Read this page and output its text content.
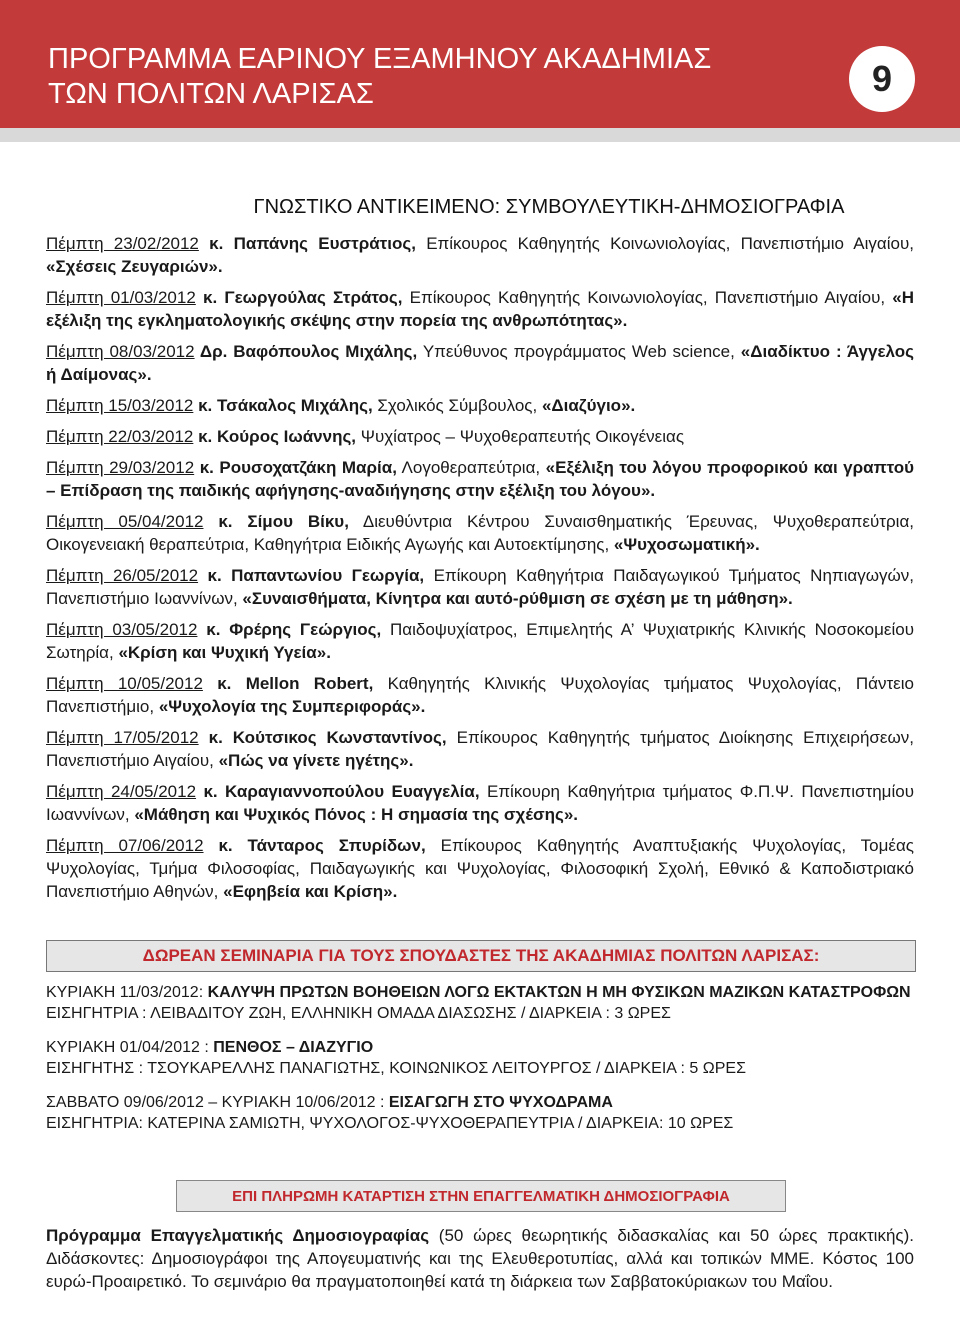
ΠΡΟΓΡΑΜΜΑ ΕΑΡΙΝΟΥ ΕΞΑΜΗΝΟΥ ΑΚΑΔΗΜΙΑΣ
ΤΩΝ ΠΟΛΙΤΩΝ ΛΑΡΙΣΑΣ	9
ΓΝΩΣΤΙΚΟ ΑΝΤΙΚΕΙΜΕΝΟ: ΣΥΜΒΟΥΛΕΥΤΙΚΗ-ΔΗΜΟΣΙΟΓΡΑΦΙΑ

Πέμπτη 23/02/2012 κ. Παπάνης Ευστράτιος, Επίκουρος Καθηγητής Κοινωνιολογίας, Πανεπιστήμιο Αιγαίου, «Σχέσεις Ζευγαριών».

Πέμπτη 01/03/2012 κ. Γεωργούλας Στράτος, Επίκουρος Καθηγητής Κοινωνιολογίας, Πανεπιστήμιο Αιγαίου, «Η εξέλιξη της εγκληματολογικής σκέψης στην πορεία της ανθρωπότητας».

Πέμπτη 08/03/2012 Δρ. Βαφόπουλος Μιχάλης, Υπεύθυνος προγράμματος Web science, «Διαδίκτυο : Άγγελος ή Δαίμονας».

Πέμπτη 15/03/2012 κ. Τσάκαλος Μιχάλης, Σχολικός Σύμβουλος, «Διαζύγιο».

Πέμπτη 22/03/2012 κ. Κούρος Ιωάννης, Ψυχίατρος – Ψυχοθεραπευτής Οικογένειας

Πέμπτη 29/03/2012 κ. Ρουσοχατζάκη Μαρία, Λογοθεραπεύτρια, «Εξέλιξη του λόγου προφορικού και γραπτού – Επίδραση της παιδικής αφήγησης-αναδιήγησης στην εξέλιξη του λόγου».

Πέμπτη 05/04/2012 κ. Σίμου Βίκυ, Διευθύντρια Κέντρου Συναισθηματικής Έρευνας, Ψυχοθεραπεύτρια, Οικογενειακή θεραπεύτρια, Καθηγήτρια Ειδικής Αγωγής και Αυτοεκτίμησης, «Ψυχοσωματική».

Πέμπτη 26/05/2012 κ. Παπαντωνίου Γεωργία, Επίκουρη Καθηγήτρια Παιδαγωγικού Τμήματος Νηπιαγωγών, Πανεπιστήμιο Ιωαννίνων, «Συναισθήματα, Κίνητρα και αυτό-ρύθμιση σε σχέση με τη μάθηση».

Πέμπτη 03/05/2012 κ. Φρέρης Γεώργιος, Παιδοψυχίατρος, Επιμελητής Α’ Ψυχιατρικής Κλινικής Νοσοκομείου Σωτηρία, «Κρίση και Ψυχική Υγεία».

Πέμπτη 10/05/2012 κ. Mellon Robert, Καθηγητής Κλινικής Ψυχολογίας τμήματος Ψυχολογίας, Πάντειο Πανεπιστήμιο, «Ψυχολογία της Συμπεριφοράς».

Πέμπτη 17/05/2012 κ. Κούτσικος Κωνσταντίνος, Επίκουρος Καθηγητής τμήματος Διοίκησης Επιχειρήσεων, Πανεπιστήμιο Αιγαίου, «Πώς να γίνετε ηγέτης».

Πέμπτη 24/05/2012 κ. Καραγιαννοπούλου Ευαγγελία, Επίκουρη Καθηγήτρια τμήματος Φ.Π.Ψ. Πανεπιστημίου Ιωαννίνων, «Μάθηση και Ψυχικός Πόνος : Η σημασία της σχέσης».

Πέμπτη 07/06/2012 κ. Τάνταρος Σπυρίδων, Επίκουρος Καθηγητής Αναπτυξιακής Ψυχολογίας, Τομέας Ψυχολογίας, Τμήμα Φιλοσοφίας, Παιδαγωγικής και Ψυχολογίας, Φιλοσοφική Σχολή, Εθνικό & Καποδιστριακό Πανεπιστήμιο Αθηνών, «Εφηβεία και Κρίση».

ΔΩΡΕΑΝ ΣΕΜΙΝΑΡΙΑ ΓΙΑ ΤΟΥΣ ΣΠΟΥΔΑΣΤΕΣ ΤΗΣ ΑΚΑΔΗΜΙΑΣ ΠΟΛΙΤΩΝ ΛΑΡΙΣΑΣ:
ΚΥΡΙΑΚΗ 11/03/2012: ΚΑΛΥΨΗ ΠΡΩΤΩΝ ΒΟΗΘΕΙΩΝ ΛΟΓΩ ΕΚΤΑΚΤΩΝ Η ΜΗ ΦΥΣΙΚΩΝ ΜΑΖΙΚΩΝ ΚΑΤΑΣΤΡΟΦΩΝ
ΕΙΣΗΓΗΤΡΙΑ : ΛΕΙΒΑΔΙΤΟΥ ΖΩΗ, ΕΛΛΗΝΙΚΗ ΟΜΑΔΑ ΔΙΑΣΩΣΗΣ / ΔΙΑΡΚΕΙΑ : 3 ΩΡΕΣ
ΚΥΡΙΑΚΗ 01/04/2012 : ΠΕΝΘΟΣ – ΔΙΑΖΥΓΙΟ
ΕΙΣΗΓΗΤΗΣ : ΤΣΟΥΚΑΡΕΛΛΗΣ ΠΑΝΑΓΙΩΤΗΣ, ΚΟΙΝΩΝΙΚΟΣ ΛΕΙΤΟΥΡΓΟΣ / ΔΙΑΡΚΕΙΑ : 5 ΩΡΕΣ
ΣΑΒΒΑΤΟ 09/06/2012 – ΚΥΡΙΑΚΗ 10/06/2012 : ΕΙΣΑΓΩΓΗ ΣΤΟ ΨΥΧΟΔΡΑΜΑ
ΕΙΣΗΓΗΤΡΙΑ: ΚΑΤΕΡΙΝΑ ΣΑΜΙΩΤΗ, ΨΥΧΟΛΟΓΟΣ-ΨΥΧΟΘΕΡΑΠΕΥΤΡΙΑ / ΔΙΑΡΚΕΙΑ: 10 ΩΡΕΣ
ΕΠΙ ΠΛΗΡΩΜΗ ΚΑΤΑΡΤΙΣΗ ΣΤΗΝ ΕΠΑΓΓΕΛΜΑΤΙΚΗ ΔΗΜΟΣΙΟΓΡΑΦΙΑ

Πρόγραμμα Επαγγελματικής Δημοσιογραφίας (50 ώρες θεωρητικής διδασκαλίας και 50 ώρες πρακτικής). Διδάσκοντες: Δημοσιογράφοι της Απογευματινής και της Ελευθεροτυπίας, αλλά και τοπικών ΜΜΕ. Κόστος 100 ευρώ-Προαιρετικό. Το σεμινάριο θα πραγματοποιηθεί κατά τη διάρκεια των Σαββατοκύριακων του Μαΐου.
